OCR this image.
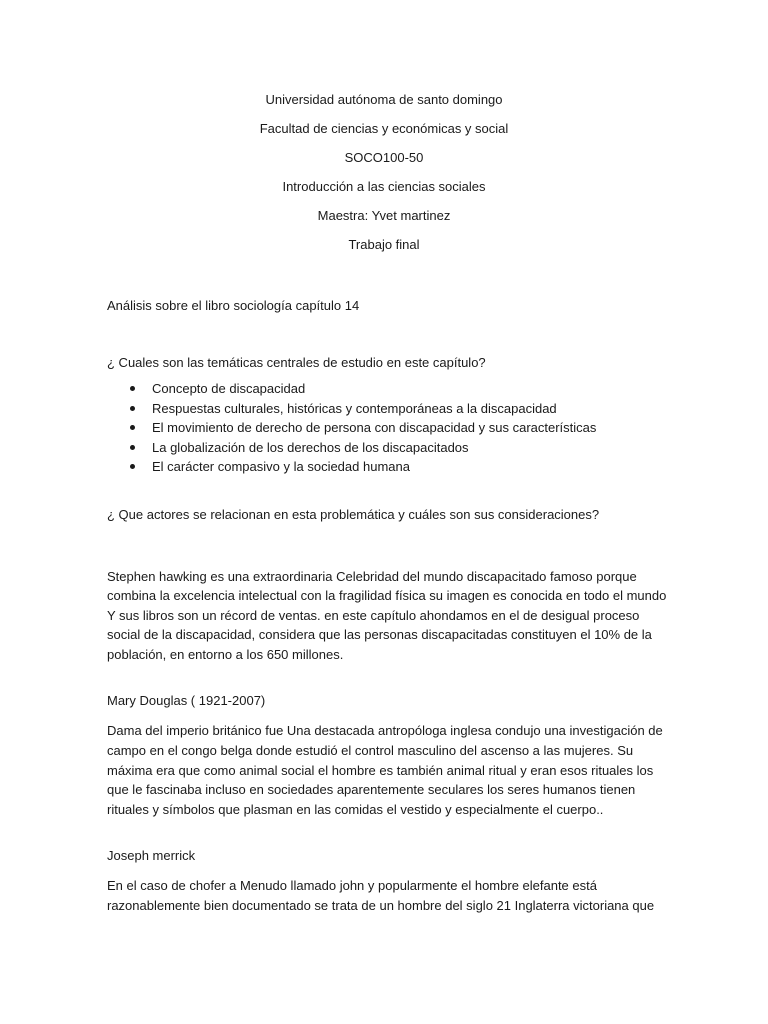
Universidad autónoma de santo domingo

Facultad de ciencias y económicas y social

SOCO100-50

Introducción a las ciencias sociales

Maestra: Yvet martinez

Trabajo final

Análisis sobre el libro sociología capítulo 14

¿ Cuales son las temáticas centrales de estudio en este capítulo?

Concepto de discapacidad
Respuestas culturales, históricas y contemporáneas a la discapacidad
El movimiento de derecho de persona con discapacidad y sus características
La globalización de los derechos de los discapacitados
El carácter compasivo y la sociedad humana

¿ Que actores se relacionan en esta problemática y cuáles son sus consideraciones?

Stephen hawking es una extraordinaria Celebridad del mundo discapacitado famoso porque combina la excelencia intelectual con la fragilidad física su imagen es conocida en todo el mundo Y sus libros son un récord de ventas. en este capítulo ahondamos en el de desigual proceso social de la discapacidad, considera que las personas discapacitadas constituyen el 10% de la población, en entorno a los 650 millones.

Mary Douglas ( 1921-2007)

Dama del imperio británico fue Una destacada antropóloga inglesa condujo una investigación de campo en el congo belga donde estudió el control masculino del ascenso a las mujeres. Su máxima era que como animal social el hombre es también animal ritual y eran esos rituales los que le fascinaba incluso en sociedades aparentemente seculares los seres humanos tienen rituales y símbolos que plasman en las comidas el vestido y especialmente el cuerpo..

Joseph merrick

En el caso de chofer a Menudo llamado john y popularmente el hombre elefante está razonablemente bien documentado se trata de un hombre del siglo 21 Inglaterra victoriana que
